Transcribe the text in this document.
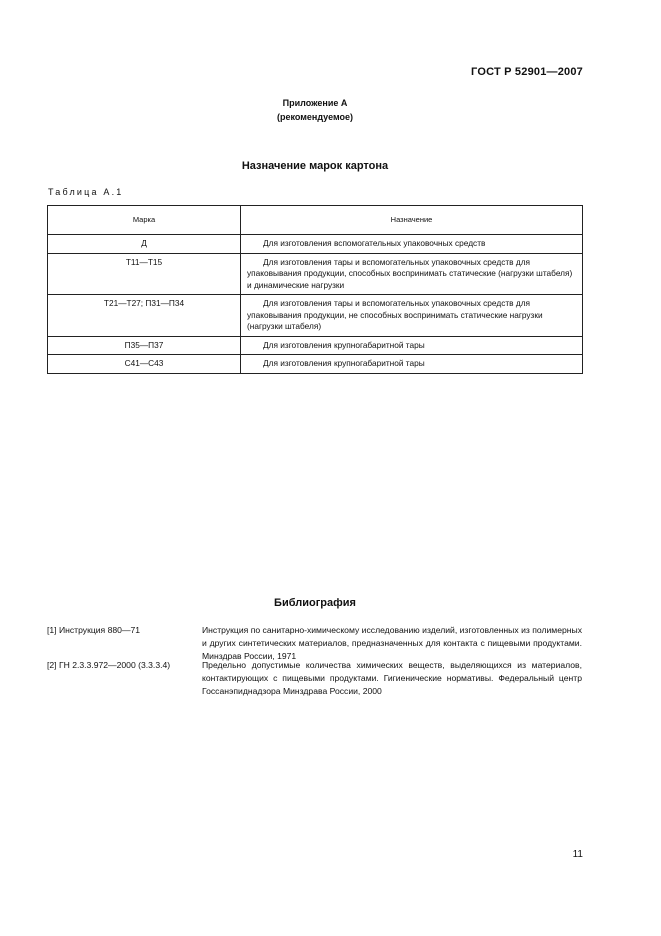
ГОСТ Р 52901—2007
Приложение А
(рекомендуемое)
Назначение марок картона
Таблица А.1
Марка	Назначение
Д	Для изготовления вспомогательных упаковочных средств
Т11—Т15	Для изготовления тары и вспомогательных упаковочных средств для упаковывания продукции, способных воспринимать статические (нагрузки штабеля) и динамические нагрузки
Т21—Т27; П31—П34	Для изготовления тары и вспомогательных упаковочных средств для упаковывания продукции, не способных воспринимать статические нагрузки (нагрузки штабеля)
П35—П37	Для изготовления крупногабаритной тары
С41—С43	Для изготовления крупногабаритной тары
Библиография
[1] Инструкция 880—71	Инструкция по санитарно-химическому исследованию изделий, изготовленных из полимерных и других синтетических материалов, предназначенных для контакта с пищевыми продуктами. Минздрав России, 1971
[2] ГН 2.3.3.972—2000 (3.3.3.4)	Предельно допустимые количества химических веществ, выделяющихся из материалов, контактирующих с пищевыми продуктами. Гигиенические нормативы. Федеральный центр Госсанэпиднадзора Минздрава России, 2000
11
